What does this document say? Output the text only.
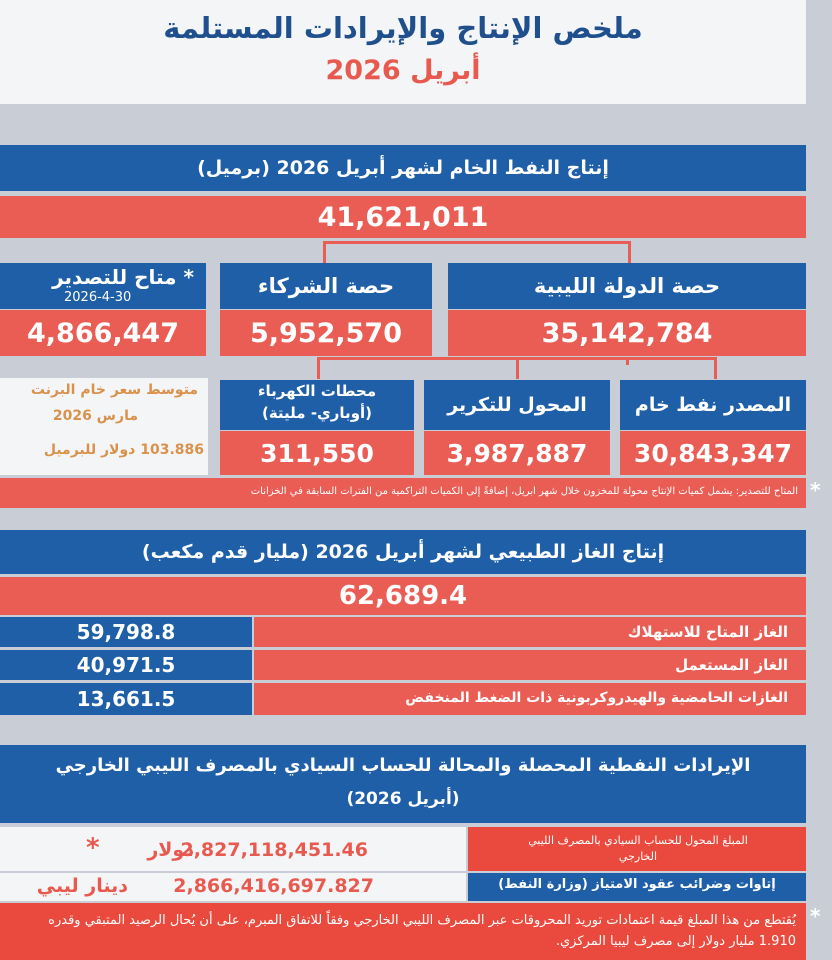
ملخص الإنتاج والإيرادات المستلمة
أبريل 2026
إنتاج النفط الخام لشهر أبريل 2026 (برميل)
41,621,011
حصة الدولة الليبية
35,142,784
حصة الشركاء
5,952,570
* متاح للتصدير
2026-4-30
4,866,447
المصدر نفط خام
30,843,347
المحول للتكرير
3,987,887
محطات الكهرباء
(أوباري- مليتة)
311,550
متوسط سعر خام البرنت
مارس 2026
103.886 دولار للبرميل
المتاح للتصدير: يشمل كميات الإنتاج محولة للمخزون خلال شهر أبريل، إضافةً إلى الكميات التراكمية من الفترات السابقة في الخزانات *
إنتاج الغاز الطبيعي لشهر أبريل 2026 (مليار قدم مكعب)
62,689.4
الغاز المتاح للاستهلاك
59,798.8
الغاز المستعمل
40,971.5
الغازات الحامضية والهيدروكربونية ذات الضغط المنخفض
13,661.5
الإيرادات النفطية المحصلة والمحالة للحساب السيادي بالمصرف الليبي الخارجي
(أبريل 2026)
المبلغ المحول للحساب السيادي بالمصرف الليبي الخارجي
*	دولار
2,827,118,451.46
إتاوات وضرائب عقود الامتياز (وزارة النفط)
دينار ليبي 2,866,416,697.827
يُقتطع من هذا المبلغ قيمة اعتمادات توريد المحروقات عبر المصرف الليبي الخارجي وفقاً للاتفاق المبرم، على أن يُحال الرصيد المتبقي وقدره 1.910 مليار دولار إلى مصرف ليبيا المركزي.
*
